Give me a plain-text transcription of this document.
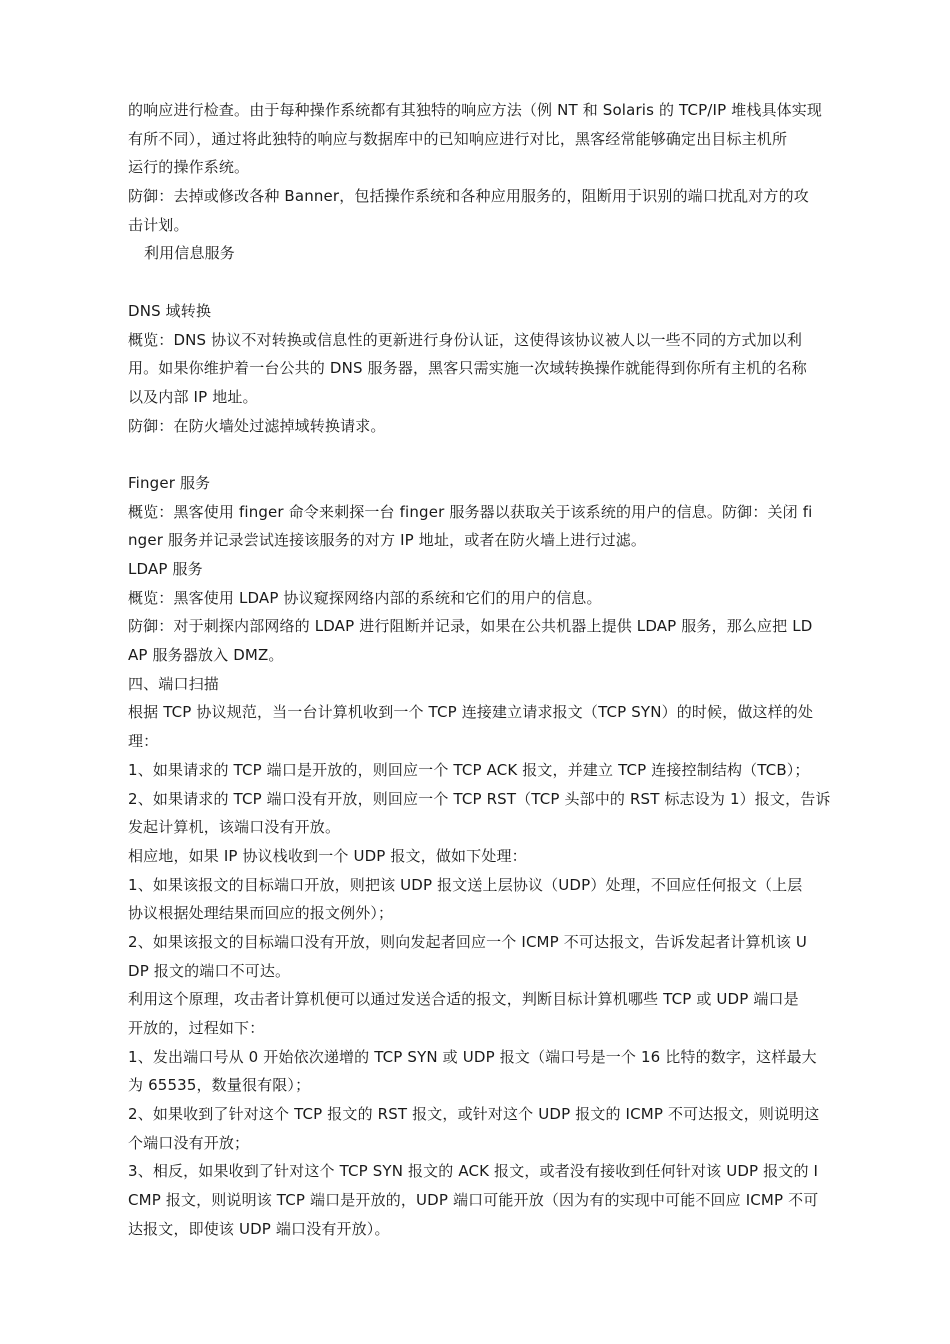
的响应进行检查。由于每种操作系统都有其独特的响应方法（例 NT 和 Solaris 的 TCP/IP 堆栈具体实现
有所不同），通过将此独特的响应与数据库中的已知响应进行对比，黑客经常能够确定出目标主机所
运行的操作系统。
防御：去掉或修改各种 Banner，包括操作系统和各种应用服务的，阻断用于识别的端口扰乱对方的攻
击计划。
利用信息服务
DNS 域转换
概览：DNS 协议不对转换或信息性的更新进行身份认证，这使得该协议被人以一些不同的方式加以利
用。如果你维护着一台公共的 DNS 服务器，黑客只需实施一次域转换操作就能得到你所有主机的名称
以及内部 IP 地址。
防御：在防火墙处过滤掉域转换请求。
Finger 服务
概览：黑客使用 finger 命令来刺探一台 finger 服务器以获取关于该系统的用户的信息。防御：关闭 fi
nger 服务并记录尝试连接该服务的对方 IP 地址，或者在防火墙上进行过滤。
LDAP 服务
概览：黑客使用 LDAP 协议窥探网络内部的系统和它们的用户的信息。
防御：对于刺探内部网络的 LDAP 进行阻断并记录，如果在公共机器上提供 LDAP 服务，那么应把 LD
AP 服务器放入 DMZ。
四、端口扫描
根据 TCP 协议规范，当一台计算机收到一个 TCP 连接建立请求报文（TCP SYN）的时候，做这样的处
理：
1、如果请求的 TCP 端口是开放的，则回应一个 TCP ACK 报文，并建立 TCP 连接控制结构（TCB）；
2、如果请求的 TCP 端口没有开放，则回应一个 TCP RST（TCP 头部中的 RST 标志设为 1）报文，告诉
发起计算机，该端口没有开放。
相应地，如果 IP 协议栈收到一个 UDP 报文，做如下处理：
1、如果该报文的目标端口开放，则把该 UDP 报文送上层协议（UDP）处理，不回应任何报文（上层
协议根据处理结果而回应的报文例外）；
2、如果该报文的目标端口没有开放，则向发起者回应一个 ICMP 不可达报文，告诉发起者计算机该 U
DP 报文的端口不可达。
利用这个原理，攻击者计算机便可以通过发送合适的报文，判断目标计算机哪些 TCP 或 UDP 端口是
开放的，过程如下：
1、发出端口号从 0 开始依次递增的 TCP SYN 或 UDP 报文（端口号是一个 16 比特的数字，这样最大
为 65535，数量很有限）；
2、如果收到了针对这个 TCP 报文的 RST 报文，或针对这个 UDP 报文的 ICMP 不可达报文，则说明这
个端口没有开放；
3、相反，如果收到了针对这个 TCP SYN 报文的 ACK 报文，或者没有接收到任何针对该 UDP 报文的 I
CMP 报文，则说明该 TCP 端口是开放的，UDP 端口可能开放（因为有的实现中可能不回应 ICMP 不可
达报文，即使该 UDP 端口没有开放）。
